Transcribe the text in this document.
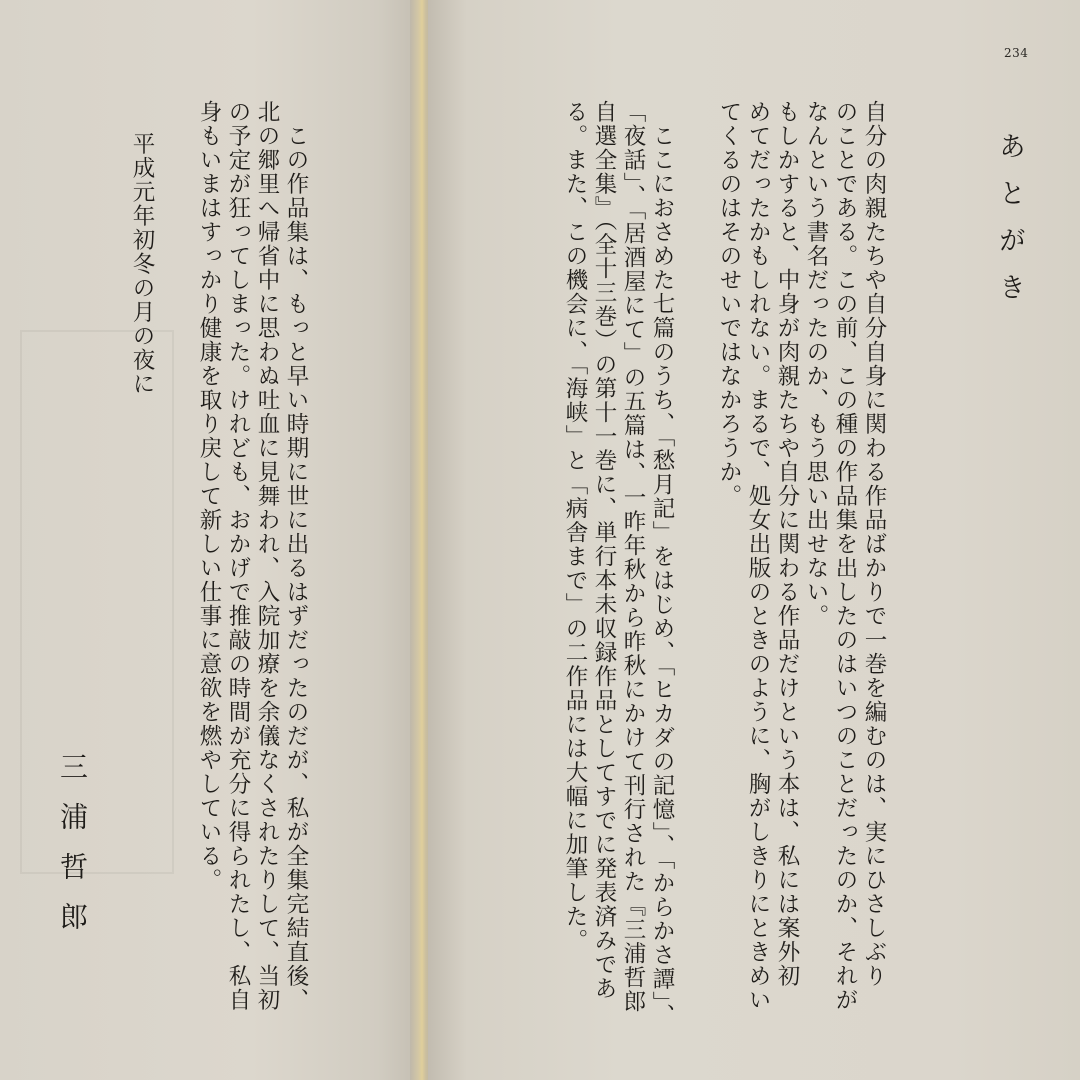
この作品集は、もっと早い時期に世に出るはずだったのだが、私が全集完結直後、
北の郷里へ帰省中に思わぬ吐血に見舞われ、入院加療を余儀なくされたりして、当初
の予定が狂ってしまった。けれども、おかげで推敲の時間が充分に得られたし、私自
身もいまはすっかり健康を取り戻して新しい仕事に意欲を燃やしている。
平成元年初冬の月の夜に
三浦哲郎

234
あとがき
自分の肉親たちや自分自身に関わる作品ばかりで一巻を編むのは、実にひさしぶり
のことである。この前、この種の作品集を出したのはいつのことだったのか、それが
なんという書名だったのか、もう思い出せない。
もしかすると、中身が肉親たちや自分に関わる作品だけという本は、私には案外初
めてだったかもしれない。まるで、処女出版のときのように、胸がしきりにときめい
てくるのはそのせいではなかろうか。
ここにおさめた七篇のうち、「愁月記」をはじめ、「ヒカダの記憶」、「からかさ譚」、
「夜話」、「居酒屋にて」の五篇は、一昨年秋から昨秋にかけて刊行された『三浦哲郎
自選全集』（全十三巻）の第十一巻に、単行本未収録作品としてすでに発表済みであ
る。また、この機会に、「海峡」と「病舎まで」の二作品には大幅に加筆した。
